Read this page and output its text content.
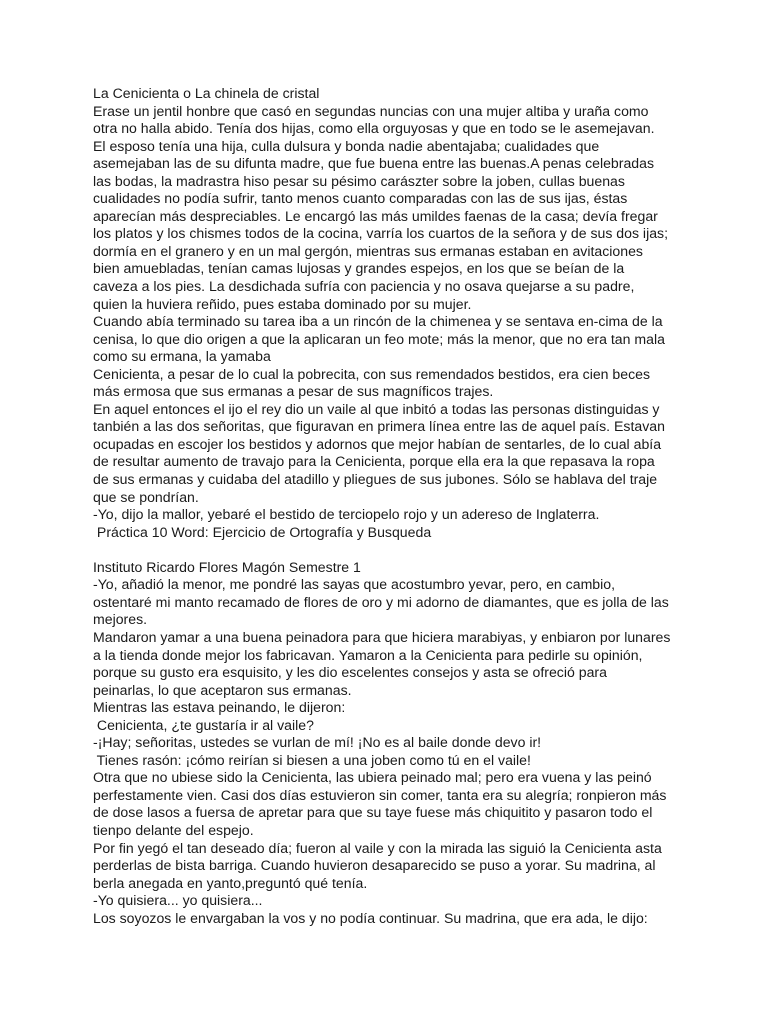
La Cenicienta o La chinela de cristal
Erase un jentil honbre que casó en segundas nuncias con una mujer altiba y uraña como
otra no halla abido. Tenía dos hijas, como ella orguyosas y que en todo se le asemejavan.
El esposo tenía una hija, culla dulsura y bonda nadie abentajaba; cualidades que
asemejaban las de su difunta madre, que fue buena entre las buenas.A penas celebradas
las bodas, la madrastra hiso pesar su pésimo carászter sobre la joben, cullas buenas
cualidades no podía sufrir, tanto menos cuanto comparadas con las de sus ijas, éstas
aparecían más despreciables. Le encargó las más umildes faenas de la casa; devía fregar
los platos y los chismes todos de la cocina, varría los cuartos de la señora y de sus dos ijas;
dormía en el granero y en un mal gergón, mientras sus ermanas estaban en avitaciones
bien amuebladas, tenían camas lujosas y grandes espejos, en los que se beían de la
caveza a los pies. La desdichada sufría con paciencia y no osava quejarse a su padre,
quien la huviera reñido, pues estaba dominado por su mujer.
Cuando abía terminado su tarea iba a un rincón de la chimenea y se sentava en-cima de la
cenisa, lo que dio origen a que la aplicaran un feo mote; más la menor, que no era tan mala
como su ermana, la yamaba
Cenicienta, a pesar de lo cual la pobrecita, con sus remendados bestidos, era cien beces
más ermosa que sus ermanas a pesar de sus magníficos trajes.
En aquel entonces el ijo el rey dio un vaile al que inbitó a todas las personas distinguidas y
tanbién a las dos señoritas, que figuravan en primera línea entre las de aquel país. Estavan
ocupadas en escojer los bestidos y adornos que mejor habían de sentarles, de lo cual abía
de resultar aumento de travajo para la Cenicienta, porque ella era la que repasava la ropa
de sus ermanas y cuidaba del atadillo y pliegues de sus jubones. Sólo se hablava del traje
que se pondrían.
-Yo, dijo la mallor, yebaré el bestido de terciopelo rojo y un adereso de Inglaterra.
Práctica 10 Word: Ejercicio de Ortografía y Busqueda
Instituto Ricardo Flores Magón Semestre 1
-Yo, añadió la menor, me pondré las sayas que acostumbro yevar, pero, en cambio,
ostentaré mi manto recamado de flores de oro y mi adorno de diamantes, que es jolla de las
mejores.
Mandaron yamar a una buena peinadora para que hiciera marabiyas, y enbiaron por lunares
a la tienda donde mejor los fabricavan. Yamaron a la Cenicienta para pedirle su opinión,
porque su gusto era esquisito, y les dio escelentes consejos y asta se ofreció para
peinarlas, lo que aceptaron sus ermanas.
Mientras las estava peinando, le dijeron:
Cenicienta, ¿te gustaría ir al vaile?
-¡Hay; señoritas, ustedes se vurlan de mí! ¡No es al baile donde devo ir!
Tienes rasón: ¡cómo reirían si biesen a una joben como tú en el vaile!
Otra que no ubiese sido la Cenicienta, las ubiera peinado mal; pero era vuena y las peinó
perfestamente vien. Casi dos días estuvieron sin comer, tanta era su alegría; ronpieron más
de dose lasos a fuersa de apretar para que su taye fuese más chiquitito y pasaron todo el
tienpo delante del espejo.
Por fin yegó el tan deseado día; fueron al vaile y con la mirada las siguió la Cenicienta asta
perderlas de bista barriga. Cuando huvieron desaparecido se puso a yorar. Su madrina, al
berla anegada en yanto,preguntó qué tenía.
-Yo quisiera... yo quisiera...
Los soyozos le envargaban la vos y no podía continuar. Su madrina, que era ada, le dijo:
